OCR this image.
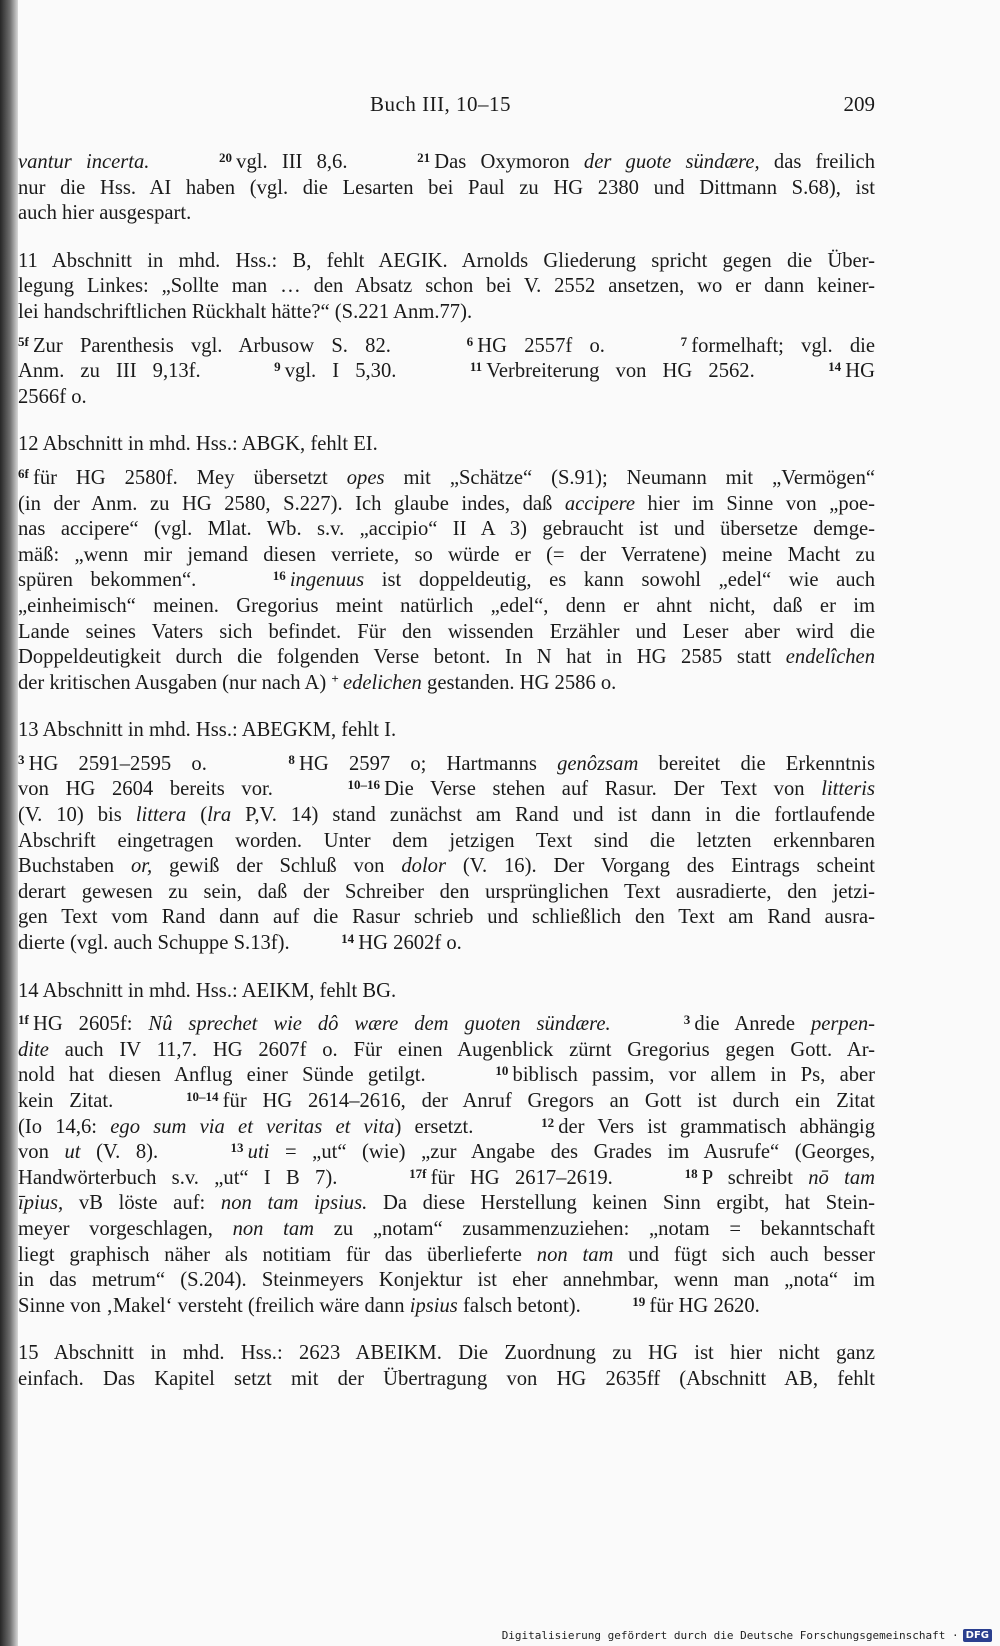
Buch III, 10–15	209

vantur incerta.   	$^{20}$  vgl. III 8,6.   	$^{21}$  Das Oxymoron der guote sündære, das freilich

nur die Hss. AI haben (vgl. die Lesarten bei Paul zu HG 2380 und Dittmann S.68), ist

auch hier ausgespart.

11 Abschnitt in mhd. Hss.: B, fehlt AEGIK. Arnolds Gliederung spricht gegen die Über-

legung Linkes: „Sollte man … den Absatz schon bei V. 2552 ansetzen, wo er dann keiner-

lei handschriftlichen Rückhalt hätte?“ (S.221 Anm.77).

$^{5f}$  Zur Parenthesis vgl. Arbusow S. 82.   	$^6$  HG 2557f o.   	$^7$  formelhaft; vgl. die

Anm. zu III 9,13f.   	$^9$  vgl. I 5,30.   	$^{11}$  Verbreiterung von HG 2562.   	$^{14}$  HG

2566f o.

12 Abschnitt in mhd. Hss.: ABGK, fehlt EI.

$^{6f}$  für HG 2580f. Mey übersetzt opes mit „Schätze“ (S.91); Neumann mit „Vermögen“

(in der Anm. zu HG 2580, S.227). Ich glaube indes, daß accipere hier im Sinne von „poe-

nas accipere“ (vgl. Mlat. Wb. s.v. „accipio“ II A 3) gebraucht ist und übersetze demge-

mäß: „wenn mir jemand diesen verriete, so würde er (= der Verratene) meine Macht zu

spüren bekommen“.   	$^{16}$  ingenuus ist doppeldeutig, es kann sowohl „edel“ wie auch

„einheimisch“ meinen. Gregorius meint natürlich „edel“, denn er ahnt nicht, daß er im

Lande seines Vaters sich befindet. Für den wissenden Erzähler und Leser aber wird die

Doppeldeutigkeit durch die folgenden Verse betont. In N hat in HG 2585 statt endelîchen

der kritischen Ausgaben (nur nach A) +  edelichen gestanden. HG 2586 o.

13 Abschnitt in mhd. Hss.: ABEGKM, fehlt I.

$^3$  HG 2591–2595 o.   	$^8$  HG 2597 o; Hartmanns genôzsam bereitet die Erkenntnis

von HG 2604 bereits vor.   	$^{10-16}$  Die Verse stehen auf Rasur. Der Text von litteris

(V. 10) bis littera (lra P,V. 14) stand zunächst am Rand und ist dann in die fortlaufende

Abschrift eingetragen worden. Unter dem jetzigen Text sind die letzten erkennbaren

Buchstaben or, gewiß der Schluß von dolor (V. 16). Der Vorgang des Eintrags scheint

derart gewesen zu sein, daß der Schreiber den ursprünglichen Text ausradierte, den jetzi-

gen Text vom Rand dann auf die Rasur schrieb und schließlich den Text am Rand ausra-

dierte (vgl. auch Schuppe S.13f).   	$^{14}$  HG 2602f o.

14 Abschnitt in mhd. Hss.: AEIKM, fehlt BG.

$^{1f}$  HG 2605f: Nû sprechet wie dô wære dem guoten sündære.   	$^3$  die Anrede perpen-

dite auch IV 11,7. HG 2607f o. Für einen Augenblick zürnt Gregorius gegen Gott. Ar-

nold hat diesen Anflug einer Sünde getilgt.   	$^{10}$  biblisch passim, vor allem in Ps, aber

kein Zitat.   	$^{10-14}$  für HG 2614–2616, der Anruf Gregors an Gott ist durch ein Zitat

(Io 14,6: ego sum via et veritas et vita) ersetzt.   	$^{12}$  der Vers ist grammatisch abhängig

von ut (V. 8).   	$^{13}$  uti = „ut“ (wie) „zur Angabe des Grades im Ausrufe“ (Georges,

Handwörterbuch s.v. „ut“ I B 7).   	$^{17f}$  für HG 2617–2619.   	$^{18}$  P schreibt nō tam

īpius, vB löste auf: non tam ipsius. Da diese Herstellung keinen Sinn ergibt, hat Stein-

meyer vorgeschlagen, non tam zu „notam“ zusammenzuziehen: „notam = bekanntschaft

liegt graphisch näher als notitiam für das überlieferte non tam und fügt sich auch besser

in das metrum“ (S.204). Steinmeyers Konjektur ist eher annehmbar, wenn man „nota“ im

Sinne von ‚Makel‘ versteht (freilich wäre dann ipsius falsch betont).   	$^{19}$  für HG 2620.

15 Abschnitt in mhd. Hss.: 2623 ABEIKM. Die Zuordnung zu HG ist hier nicht ganz

einfach. Das Kapitel setzt mit der Übertragung von HG 2635ff (Abschnitt AB, fehlt

Digitalisierung gefördert durch die Deutsche Forschungsgemeinschaft · DFG
